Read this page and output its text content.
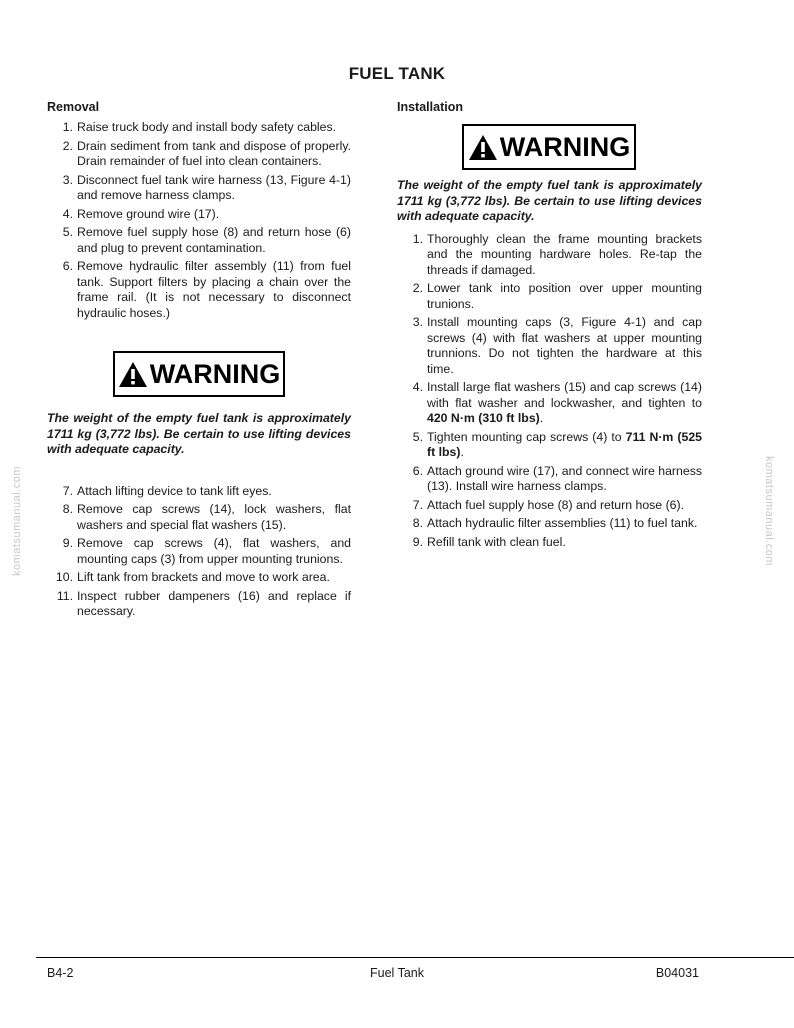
FUEL TANK
komatsumanual.com	komatsumanual.com
Removal
1. Raise truck body and install body safety cables.
2. Drain sediment from tank and dispose of properly. Drain remainder of fuel into clean containers.
3. Disconnect fuel tank wire harness (13, Figure 4-1) and remove harness clamps.
4. Remove ground wire (17).
5. Remove fuel supply hose (8) and return hose (6) and plug to prevent contamination.
6. Remove hydraulic filter assembly (11) from fuel tank. Support filters by placing a chain over the frame rail. (It is not necessary to disconnect hydraulic hoses.)
WARNING
The weight of the empty fuel tank is approximately 1711 kg (3,772 lbs). Be certain to use lifting devices with adequate capacity.
7. Attach lifting device to tank lift eyes.
8. Remove cap screws (14), lock washers, flat washers and special flat washers (15).
9. Remove cap screws (4), flat washers, and mounting caps (3) from upper mounting trunions.
10. Lift tank from brackets and move to work area.
11. Inspect rubber dampeners (16) and replace if necessary.
Installation
WARNING
The weight of the empty fuel tank is approximately 1711 kg (3,772 lbs). Be certain to use lifting devices with adequate capacity.
1. Thoroughly clean the frame mounting brackets and the mounting hardware holes. Re-tap the threads if damaged.
2. Lower tank into position over upper mounting trunions.
3. Install mounting caps (3, Figure 4-1) and cap screws (4) with flat washers at upper mounting trunnions. Do not tighten the hardware at this time.
4. Install large flat washers (15) and cap screws (14) with flat washer and lockwasher, and tighten to 420 N·m (310 ft lbs).
5. Tighten mounting cap screws (4) to 711 N·m (525 ft lbs).
6. Attach ground wire (17), and connect wire harness (13). Install wire harness clamps.
7. Attach fuel supply hose (8) and return hose (6).
8. Attach hydraulic filter assemblies (11) to fuel tank.
9. Refill tank with clean fuel.
B4-2	Fuel Tank	B04031
